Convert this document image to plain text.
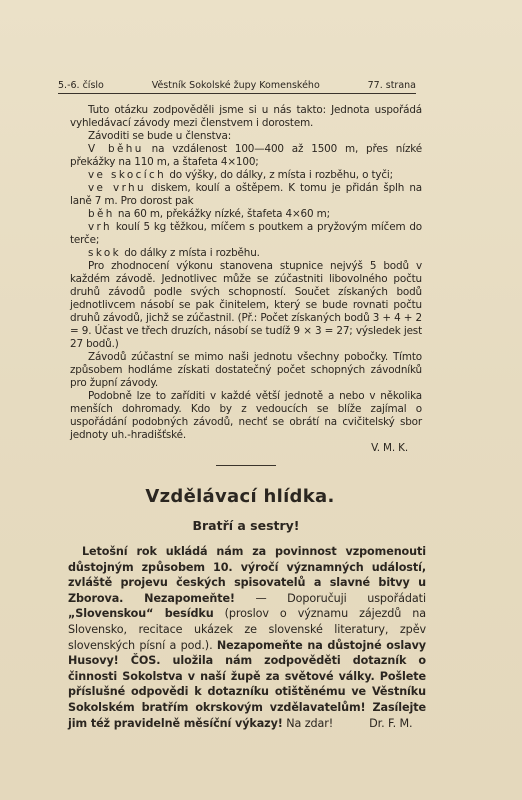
5.-6. číslo	Věstník Sokolské župy Komenského	77. strana

Tuto otázku zodpověděli jsme si u nás takto: Jednota uspořádá vyhledávací závody mezi členstvem i dorostem.

Závoditi se bude u členstva:

V běhu na vzdálenost 100—400 až 1500 m, přes nízké překážky na 110 m, a štafeta 4×100;

ve skocích do výšky, do dálky, z místa i rozběhu, o tyči;

ve vrhu diskem, koulí a oštěpem. K tomu je přidán šplh na laně 7 m. Pro dorost pak

běh na 60 m, překážky nízké, štafeta 4×60 m;

vrh koulí 5 kg těžkou, míčem s poutkem a pryžovým míčem do terče;

skok do dálky z místa i rozběhu.

Pro zhodnocení výkonu stanovena stupnice nejvýš 5 bodů v každém závodě. Jednotlivec může se zúčastniti libovolného počtu druhů závodů podle svých schopností. Součet získaných bodů jednotlivcem násobí se pak činitelem, který se bude rovnati počtu druhů závodů, jichž se zúčastnil. (Př.: Počet získaných bodů 3 + 4 + 2 = 9. Účast ve třech druzích, násobí se tudíž 9 × 3 = 27; výsledek jest 27 bodů.)

Závodů zúčastní se mimo naši jednotu všechny pobočky. Tímto způsobem hodláme získati dostatečný počet schopných závodníků pro župní závody.

Podobně lze to zaříditi v každé větší jednotě a nebo v několika menších dohromady. Kdo by z vedoucích se blíže zajímal o uspořádání podobných závodů, nechť se obrátí na cvičitelský sbor jednoty uh.-hradišťské.

V. M. K.

Vzdělávací hlídka.
Bratří a sestry!
Letošní rok ukládá nám za povinnost vzpomenouti důstojným způsobem 10. výročí významných událostí, zvláště projevu českých spisovatelů a slavné bitvy u Zborova. Nezapomeňte! — Doporučuji uspořádati „Slovenskou“ besídku (proslov o významu zájezdů na Slovensko, recitace ukázek ze slovenské literatury, zpěv slovenských písní a pod.). Nezapomeňte na důstojné oslavy Husovy! ČOS. uložila nám zodpověděti dotazník o činnosti Sokolstva v naší župě za světové války. Pošlete příslušné odpovědi k dotazníku otištěnému ve Věstníku Sokolském bratřím okrskovým vzdělavatelům! Zasílejte jim též pravidelně měsíční výkazy! Na zdar!	Dr. F. M.
